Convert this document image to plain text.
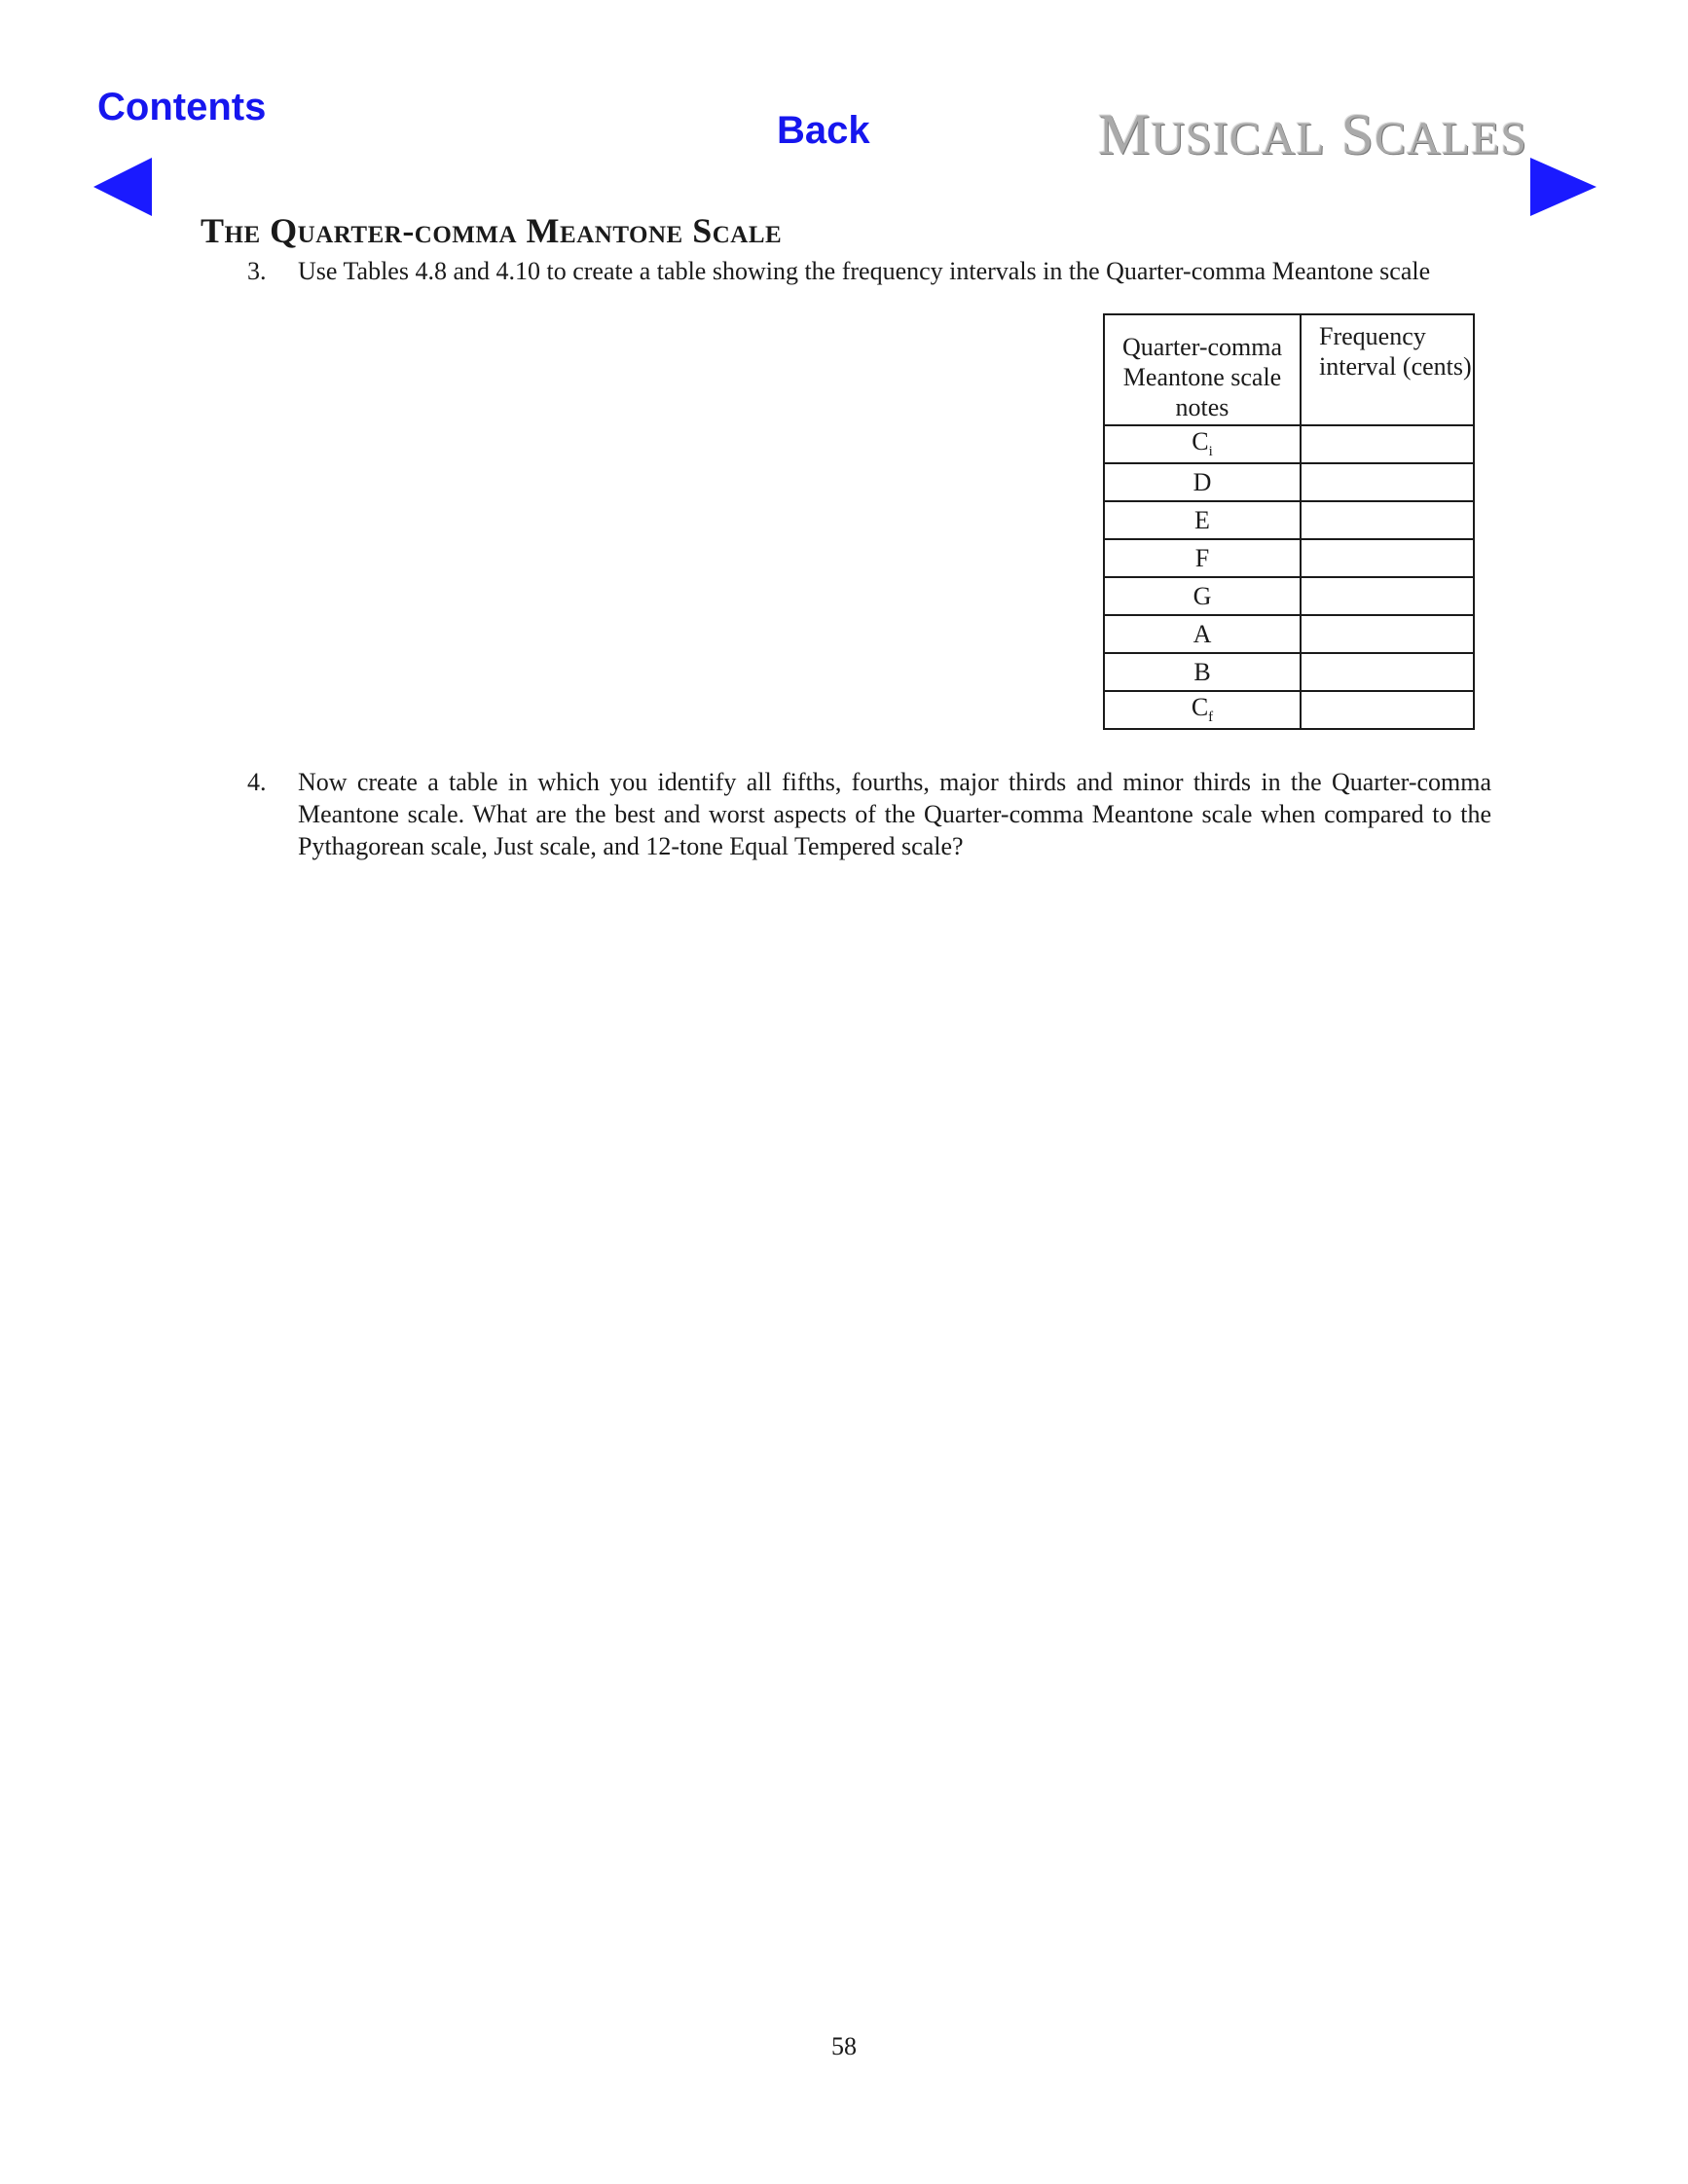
Contents
Back	MUSICAL SCALES
The Quarter-comma Meantone Scale
3. Use Tables 4.8 and 4.10 to create a table showing the frequency intervals in the Quarter-comma Meantone scale
Quarter-comma Meantone scale notes	Frequency interval (cents)

$C_i$	
D	
E	
F	
G	
A	
B	
$C_f$	
4. Now create a table in which you identify all fifths, fourths, major thirds and minor thirds in the Quarter-comma Meantone scale. What are the best and worst aspects of the Quarter-comma Meantone scale when compared to the Pythagorean scale, Just scale, and 12-tone Equal Tempered scale?
58
